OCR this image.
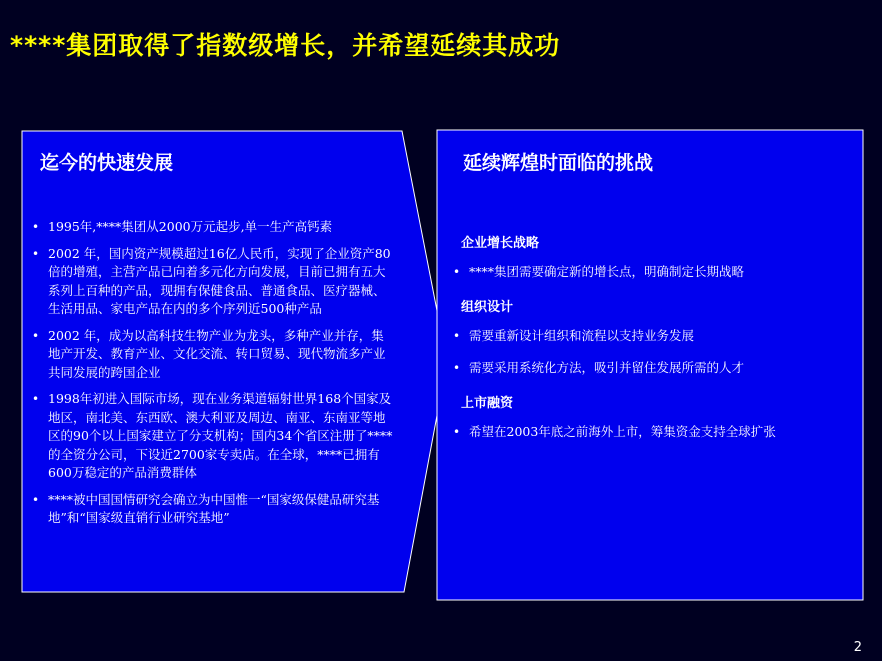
****集团取得了指数级增长，并希望延续其成功
迄今的快速发展
• 1995年,****集团从2000万元起步,单一生产高钙素
• 2002 年，国内资产规模超过16亿人民币，实现了企业资产80倍的增殖，主营产品已向着多元化方向发展，目前已拥有五大系列上百种的产品，现拥有保健食品、普通食品、医疗器械、生活用品、家电产品在内的多个序列近500种产品
• 2002 年，成为以高科技生物产业为龙头，多种产业并存，集地产开发、教育产业、文化交流、转口贸易、现代物流多产业共同发展的跨国企业
• 1998年初进入国际市场，现在业务渠道辐射世界168个国家及地区，南北美、东西欧、澳大利亚及周边、南亚、东南亚等地区的90个以上国家建立了分支机构；国内34个省区注册了****的全资分公司，下设近2700家专卖店。在全球，****已拥有600万稳定的产品消费群体
• ****被中国国情研究会确立为中国惟一“国家级保健品研究基地”和“国家级直销行业研究基地”
延续辉煌时面临的挑战
企业增长战略
• ****集团需要确定新的增长点，明确制定长期战略
组织设计
• 需要重新设计组织和流程以支持业务发展
• 需要采用系统化方法，吸引并留住发展所需的人才
上市融资
• 希望在2003年底之前海外上市，筹集资金支持全球扩张
2
